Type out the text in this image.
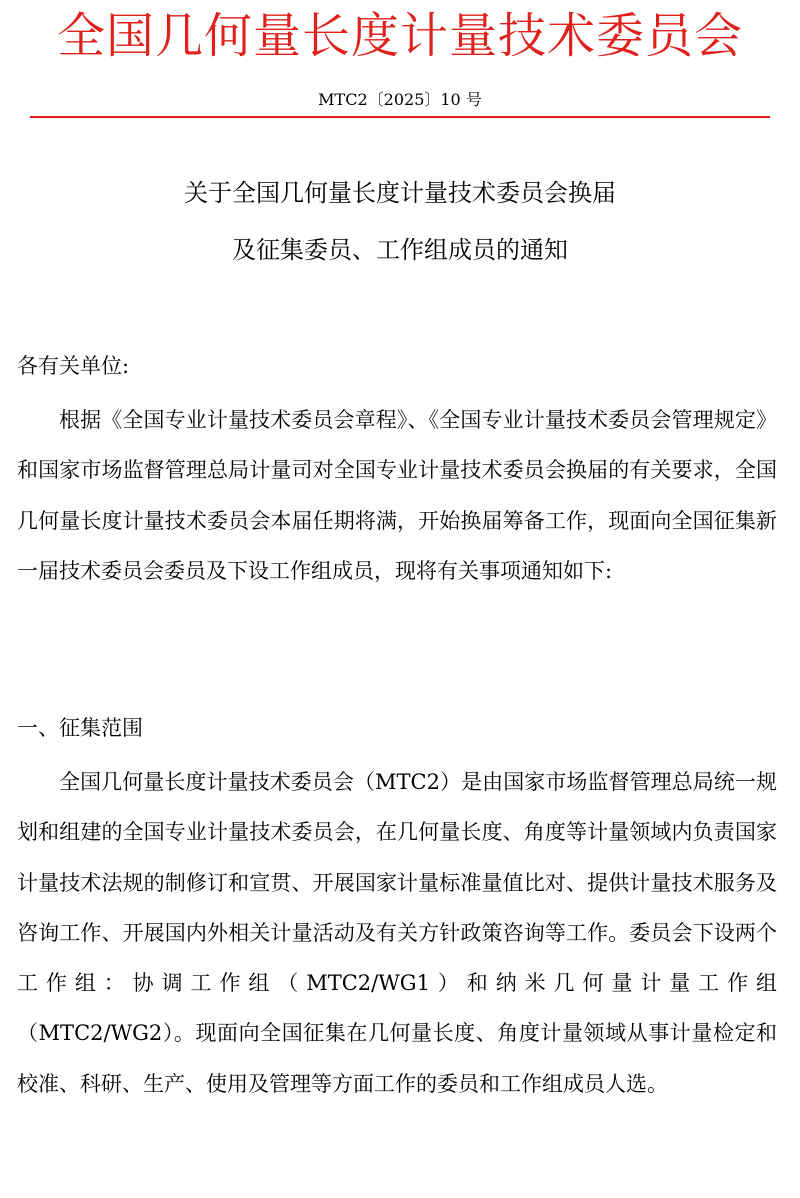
全国几何量长度计量技术委员会
MTC2〔2025〕10 号
关于全国几何量长度计量技术委员会换届
及征集委员、工作组成员的通知
各有关单位:

根据《全国专业计量技术委员会章程》、《全国专业计量技术委员会管理规定》和国家市场监督管理总局计量司对全国专业计量技术委员会换届的有关要求，全国几何量长度计量技术委员会本届任期将满，开始换届筹备工作，现面向全国征集新一届技术委员会委员及下设工作组成员，现将有关事项通知如下:

一、征集范围

全国几何量长度计量技术委员会（MTC2）是由国家市场监督管理总局统一规划和组建的全国专业计量技术委员会，在几何量长度、角度等计量领域内负责国家计量技术法规的制修订和宣贯、开展国家计量标准量值比对、提供计量技术服务及咨询工作、开展国内外相关计量活动及有关方针政策咨询等工作。委员会下设两个工作组：协调工作组（MTC2/WG1）和纳米几何量计量工作组（MTC2/WG2）。现面向全国征集在几何量长度、角度计量领域从事计量检定和校准、科研、生产、使用及管理等方面工作的委员和工作组成员人选。
